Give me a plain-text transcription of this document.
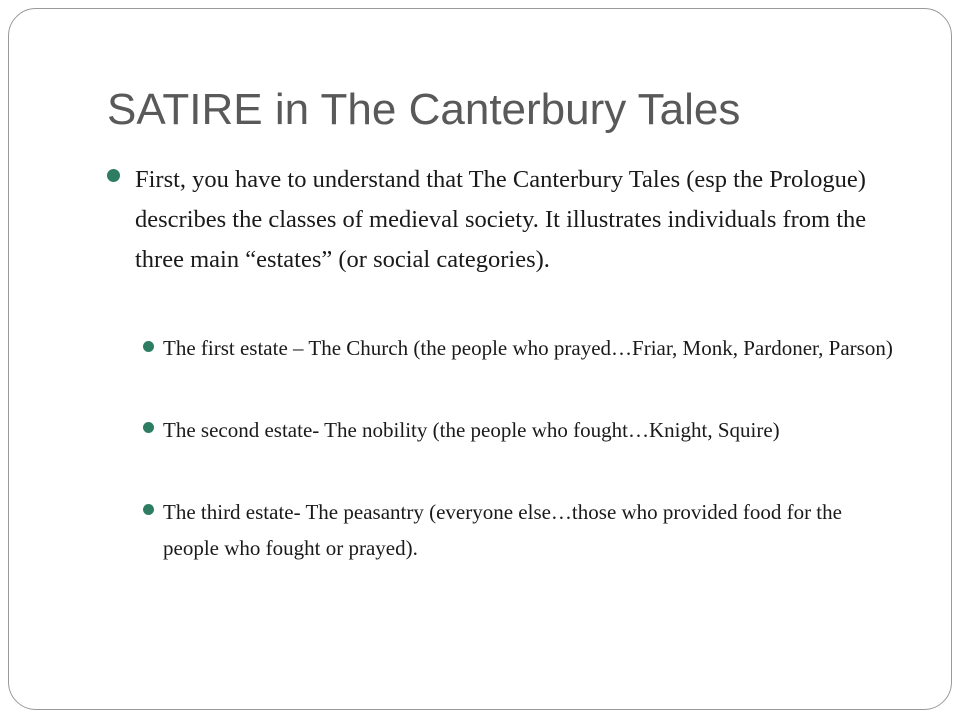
SATIRE in The Canterbury Tales

First, you have to understand that The Canterbury Tales (esp the Prologue) describes the classes of medieval society. It illustrates individuals from the three main “estates” (or social categories).

The first estate – The Church (the people who prayed…Friar, Monk, Pardoner, Parson)

The second estate- The nobility (the people who fought…Knight, Squire)

The third estate- The peasantry (everyone else…those who provided food for the people who fought or prayed).
